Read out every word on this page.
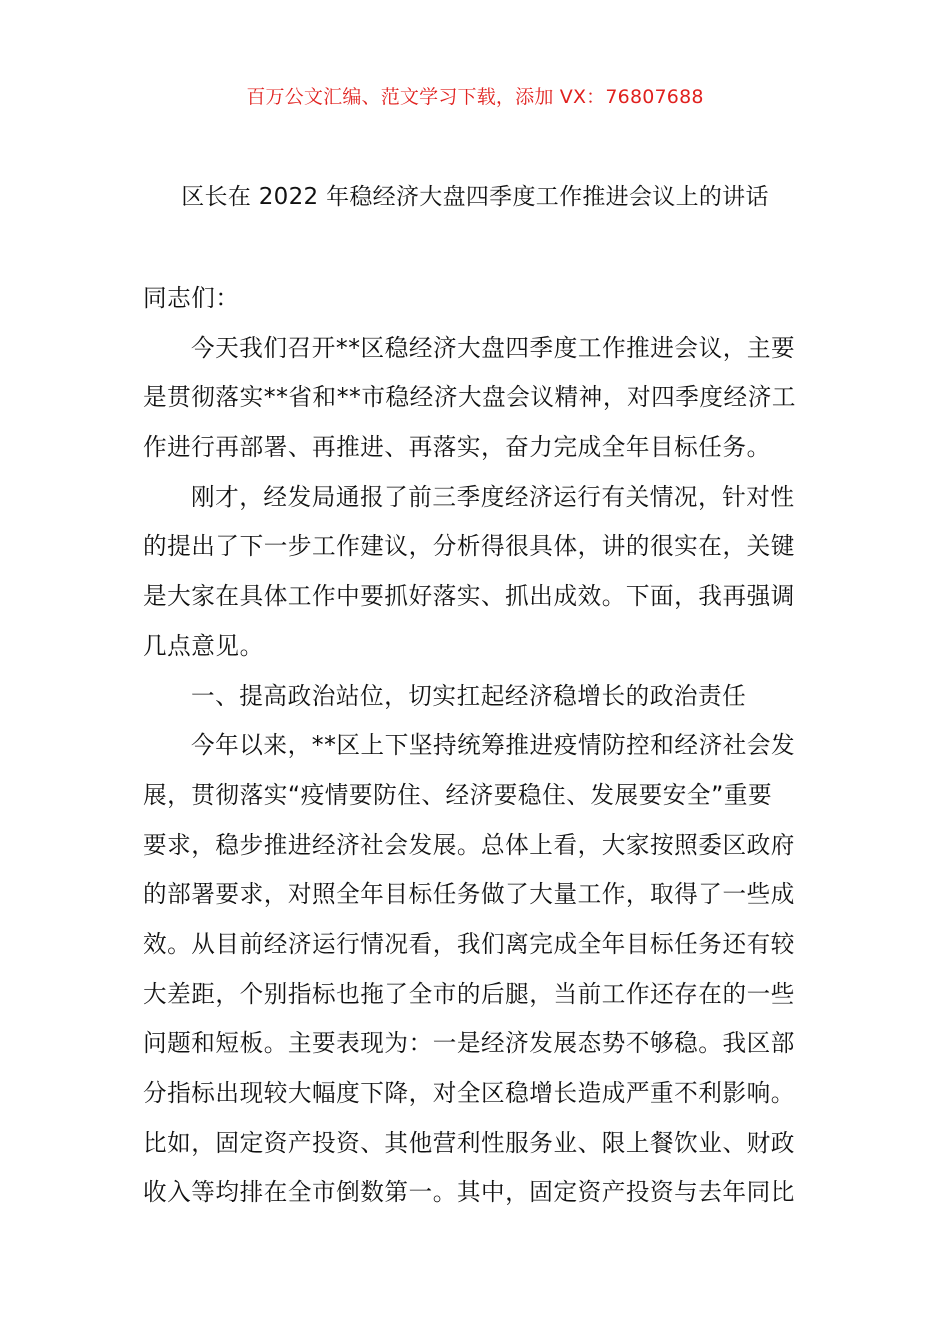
百万公文汇编、范文学习下载，添加 VX：76807688
区长在 2022 年稳经济大盘四季度工作推进会议上的讲话
同志们：
今天我们召开**区稳经济大盘四季度工作推进会议，主要
是贯彻落实**省和**市稳经济大盘会议精神，对四季度经济工
作进行再部署、再推进、再落实，奋力完成全年目标任务。
刚才，经发局通报了前三季度经济运行有关情况，针对性
的提出了下一步工作建议，分析得很具体，讲的很实在，关键
是大家在具体工作中要抓好落实、抓出成效。下面，我再强调
几点意见。
一、提高政治站位，切实扛起经济稳增长的政治责任
今年以来，**区上下坚持统筹推进疫情防控和经济社会发
展，贯彻落实“疫情要防住、经济要稳住、发展要安全”重要
要求，稳步推进经济社会发展。总体上看，大家按照委区政府
的部署要求，对照全年目标任务做了大量工作，取得了一些成
效。从目前经济运行情况看，我们离完成全年目标任务还有较
大差距，个别指标也拖了全市的后腿，当前工作还存在的一些
问题和短板。主要表现为：一是经济发展态势不够稳。我区部
分指标出现较大幅度下降，对全区稳增长造成严重不利影响。
比如，固定资产投资、其他营利性服务业、限上餐饮业、财政
收入等均排在全市倒数第一。其中，固定资产投资与去年同比
